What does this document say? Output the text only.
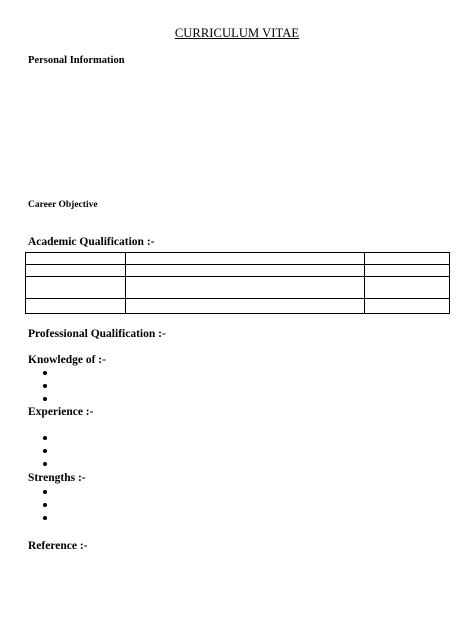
CURRICULUM VITAE
Personal Information
Career Objective
Academic Qualification :-

Professional Qualification :-
Knowledge of :-
Experience :-
Strengths :-
Reference :-
